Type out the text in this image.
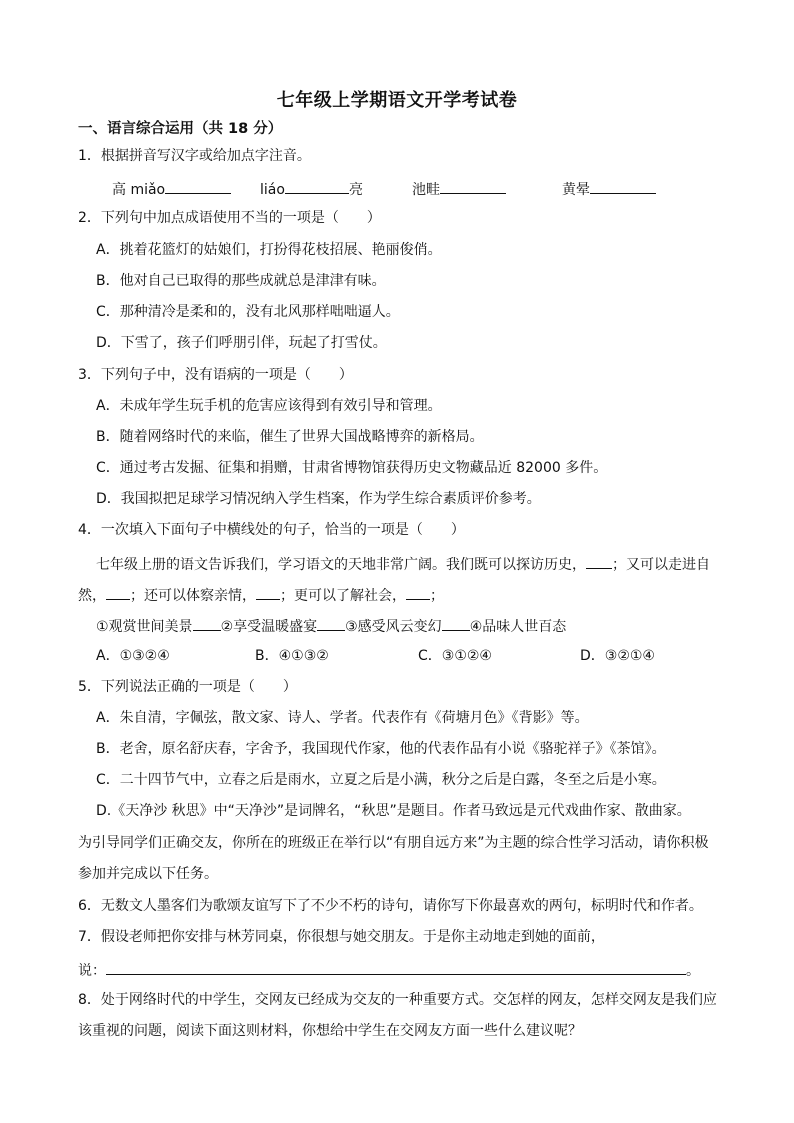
七年级上学期语文开学考试卷
一、语言综合运用（共 18 分）
1．根据拼音写汉字或给加点字注音。
高 miǎo	liáo	亮	池畦	黄晕
2．下列句中加点成语使用不当的一项是（　　）
A．挑着花篮灯的姑娘们，打扮得花枝招展、艳丽俊俏。
B．他对自己已取得的那些成就总是津津有味。
C．那种清冷是柔和的，没有北风那样咄咄逼人。
D．下雪了，孩子们呼朋引伴，玩起了打雪仗。
3．下列句子中，没有语病的一项是（　　）
A．未成年学生玩手机的危害应该得到有效引导和管理。
B．随着网络时代的来临，催生了世界大国战略博弈的新格局。
C．通过考古发掘、征集和捐赠，甘肃省博物馆获得历史文物藏品近 82000 多件。
D．我国拟把足球学习情况纳入学生档案，作为学生综合素质评价参考。
4．一次填入下面句子中横线处的句子，恰当的一项是（　　）
七年级上册的语文告诉我们，学习语文的天地非常广阔。我们既可以探访历史， ；又可以走进自
然， ；还可以体察亲情， ；更可以了解社会， ；
①观赏世间美景 ②享受温暖盛宴 ③感受风云变幻 ④品味人世百态
A．①③②④	B．④①③②	C．③①②④	D．③②①④
5．下列说法正确的一项是（　　）
A．朱自清，字佩弦，散文家、诗人、学者。代表作有《荷塘月色》《背影》等。
B．老舍，原名舒庆春，字舍予，我国现代作家，他的代表作品有小说《骆驼祥子》《茶馆》。
C．二十四节气中，立春之后是雨水，立夏之后是小满，秋分之后是白露，冬至之后是小寒。
D.《天净沙 秋思》中“天净沙”是词牌名，“秋思”是题目。作者马致远是元代戏曲作家、散曲家。
为引导同学们正确交友，你所在的班级正在举行以“有朋自远方来”为主题的综合性学习活动，请你积极
参加并完成以下任务。
6．无数文人墨客们为歌颂友谊写下了不少不朽的诗句，请你写下你最喜欢的两句，标明时代和作者。
7．假设老师把你安排与林芳同桌，你很想与她交朋友。于是你主动地走到她的面前，
说：	。
8．处于网络时代的中学生，交网友已经成为交友的一种重要方式。交怎样的网友，怎样交网友是我们应
该重视的问题，阅读下面这则材料，你想给中学生在交网友方面一些什么建议呢？
